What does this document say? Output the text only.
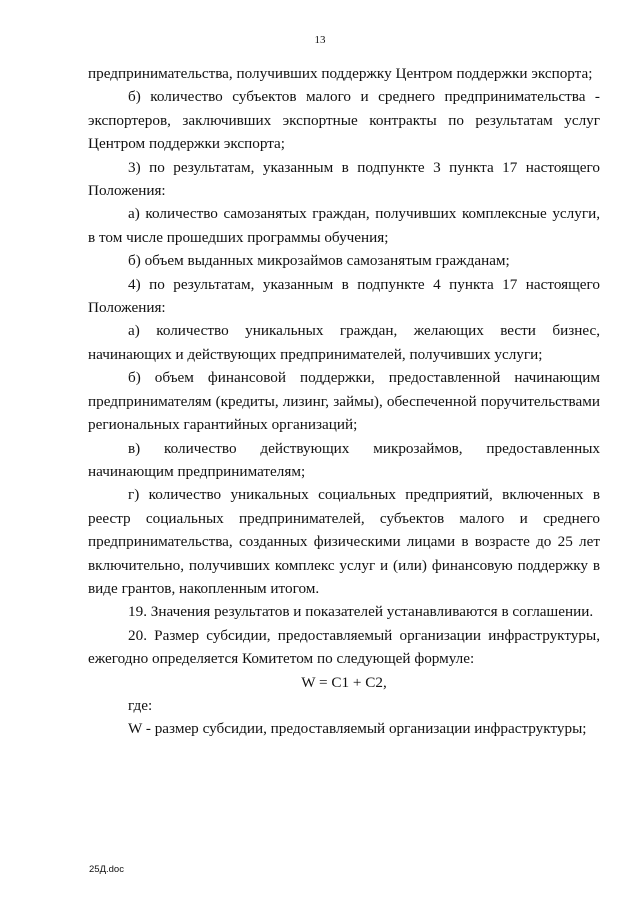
13

предпринимательства, получивших поддержку Центром поддержки экспорта;

б) количество субъектов малого и среднего предпринимательства - экспортеров, заключивших экспортные контракты по результатам услуг Центром поддержки экспорта;

3) по результатам, указанным в подпункте 3 пункта 17 настоящего Положения:

а) количество самозанятых граждан, получивших комплексные услуги, в том числе прошедших программы обучения;

б) объем выданных микрозаймов самозанятым гражданам;

4) по результатам, указанным в подпункте 4 пункта 17 настоящего Положения:

а) количество уникальных граждан, желающих вести бизнес, начинающих и действующих предпринимателей, получивших услуги;

б) объем финансовой поддержки, предоставленной начинающим предпринимателям (кредиты, лизинг, займы), обеспеченной поручительствами региональных гарантийных организаций;

в) количество действующих микрозаймов, предоставленных начинающим предпринимателям;

г) количество уникальных социальных предприятий, включенных в реестр социальных предпринимателей, субъектов малого и среднего предпринимательства, созданных физическими лицами в возрасте до 25 лет включительно, получивших комплекс услуг и (или) финансовую поддержку в виде грантов, накопленным итогом.

19. Значения результатов и показателей устанавливаются в соглашении.

20. Размер субсидии, предоставляемый организации инфраструктуры, ежегодно определяется Комитетом по следующей формуле:

W = C1 + C2,

где:

W - размер субсидии, предоставляемый организации инфраструктуры;

25Д.doc
